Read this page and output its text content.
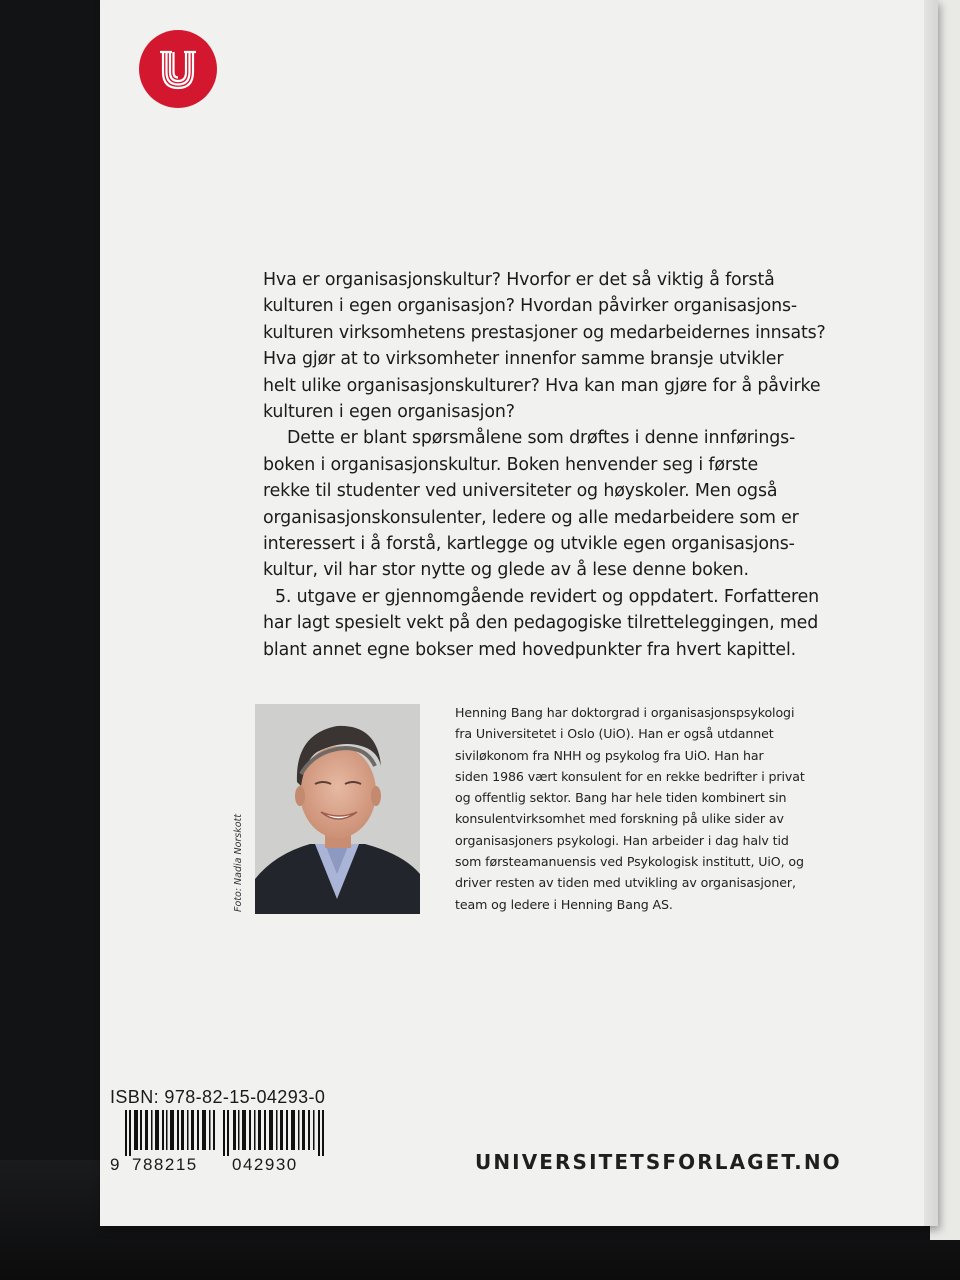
Hva er organisasjonskultur? Hvorfor er det så viktig å forstå
kulturen i egen organisasjon? Hvordan påvirker organisasjons-
kulturen virksomhetens prestasjoner og medarbeidernes innsats?
Hva gjør at to virksomheter innenfor samme bransje utvikler
helt ulike organisasjonskulturer? Hva kan man gjøre for å påvirke
kulturen i egen organisasjon?

Dette er blant spørsmålene som drøftes i denne innførings-
boken i organisasjonskultur. Boken henvender seg i første
rekke til studenter ved universiteter og høyskoler. Men også
organisasjonskonsulenter, ledere og alle medarbeidere som er
interessert i å forstå, kartlegge og utvikle egen organisasjons-
kultur, vil har stor nytte og glede av å lese denne boken.

5. utgave er gjennomgående revidert og oppdatert. Forfatteren
har lagt spesielt vekt på den pedagogiske tilretteleggingen, med
blant annet egne bokser med hovedpunkter fra hvert kapittel.

Foto: Nadia Norskott
Henning Bang har doktorgrad i organisasjonspsykologi
fra Universitetet i Oslo (UiO). Han er også utdannet
siviløkonom fra NHH og psykolog fra UiO. Han har
siden 1986 vært konsulent for en rekke bedrifter i privat
og offentlig sektor. Bang har hele tiden kombinert sin
konsulentvirksomhet med forskning på ulike sider av
organisasjoners psykologi. Han arbeider i dag halv tid
som førsteamanuensis ved Psykologisk institutt, UiO, og
driver resten av tiden med utvikling av organisasjoner,
team og ledere i Henning Bang AS.
ISBN: 978-82-15-04293-0
9 788215 042930	UNIVERSITETSFORLAGET.NO
